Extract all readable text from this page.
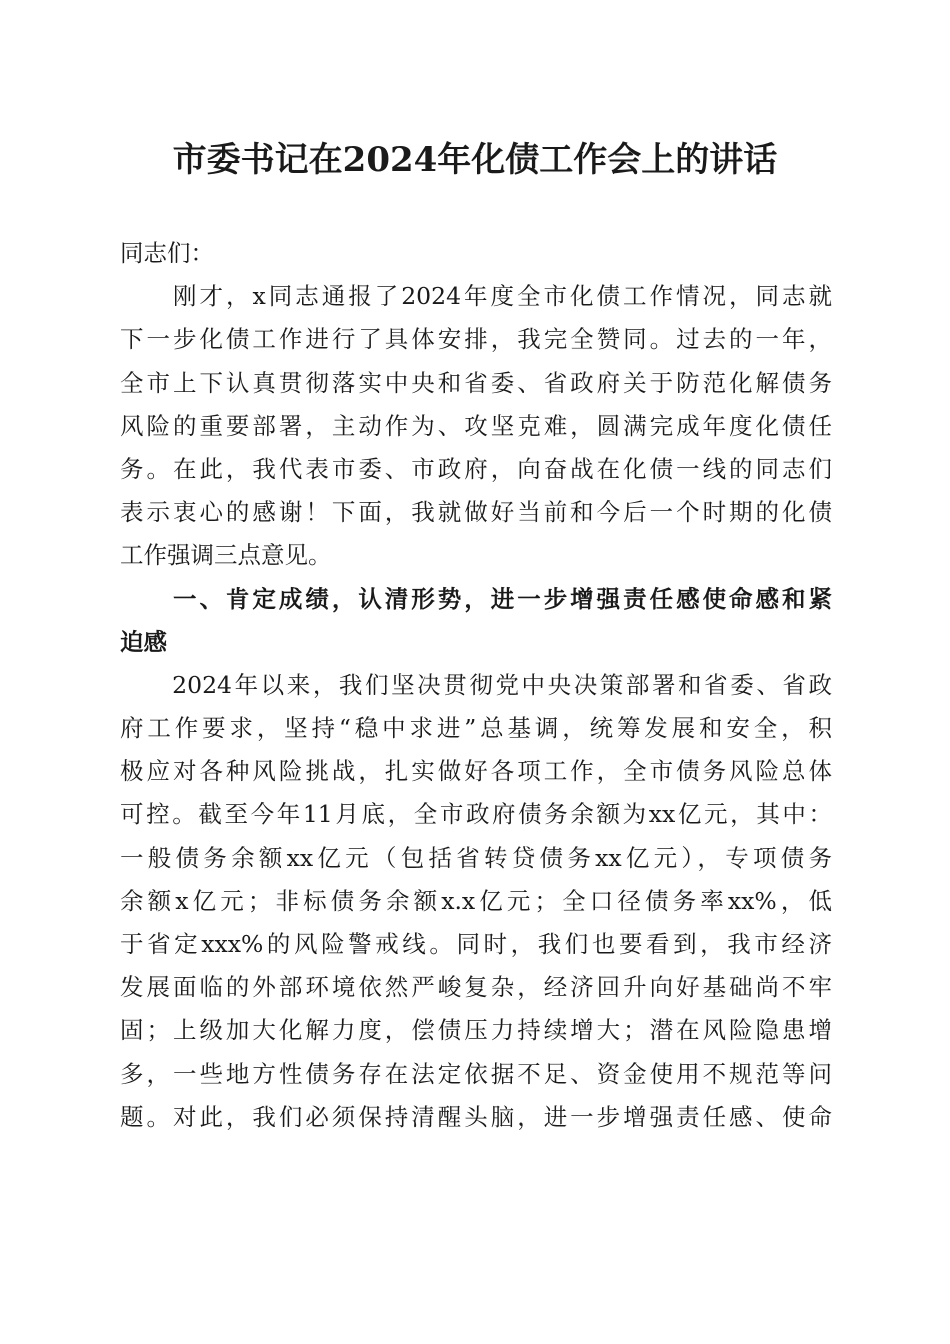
市委书记在2024年化债工作会上的讲话
同志们：
　　刚才，x同志通报了2024年度全市化债工作情况，同志就
下一步化债工作进行了具体安排，我完全赞同。过去的一年，
全市上下认真贯彻落实中央和省委、省政府关于防范化解债务
风险的重要部署，主动作为、攻坚克难，圆满完成年度化债任
务。在此，我代表市委、市政府，向奋战在化债一线的同志们
表示衷心的感谢！下面，我就做好当前和今后一个时期的化债
工作强调三点意见。
　　一、肯定成绩，认清形势，进一步增强责任感使命感和紧
迫感
　　2024年以来，我们坚决贯彻党中央决策部署和省委、省政
府工作要求，坚持“稳中求进”总基调，统筹发展和安全，积
极应对各种风险挑战，扎实做好各项工作，全市债务风险总体
可控。截至今年11月底，全市政府债务余额为xx亿元，其中：
一般债务余额xx亿元（包括省转贷债务xx亿元），专项债务
余额x亿元；非标债务余额x.x亿元；全口径债务率xx%，低
于省定xxx%的风险警戒线。同时，我们也要看到，我市经济
发展面临的外部环境依然严峻复杂，经济回升向好基础尚不牢
固；上级加大化解力度，偿债压力持续增大；潜在风险隐患增
多，一些地方性债务存在法定依据不足、资金使用不规范等问
题。对此，我们必须保持清醒头脑，进一步增强责任感、使命
